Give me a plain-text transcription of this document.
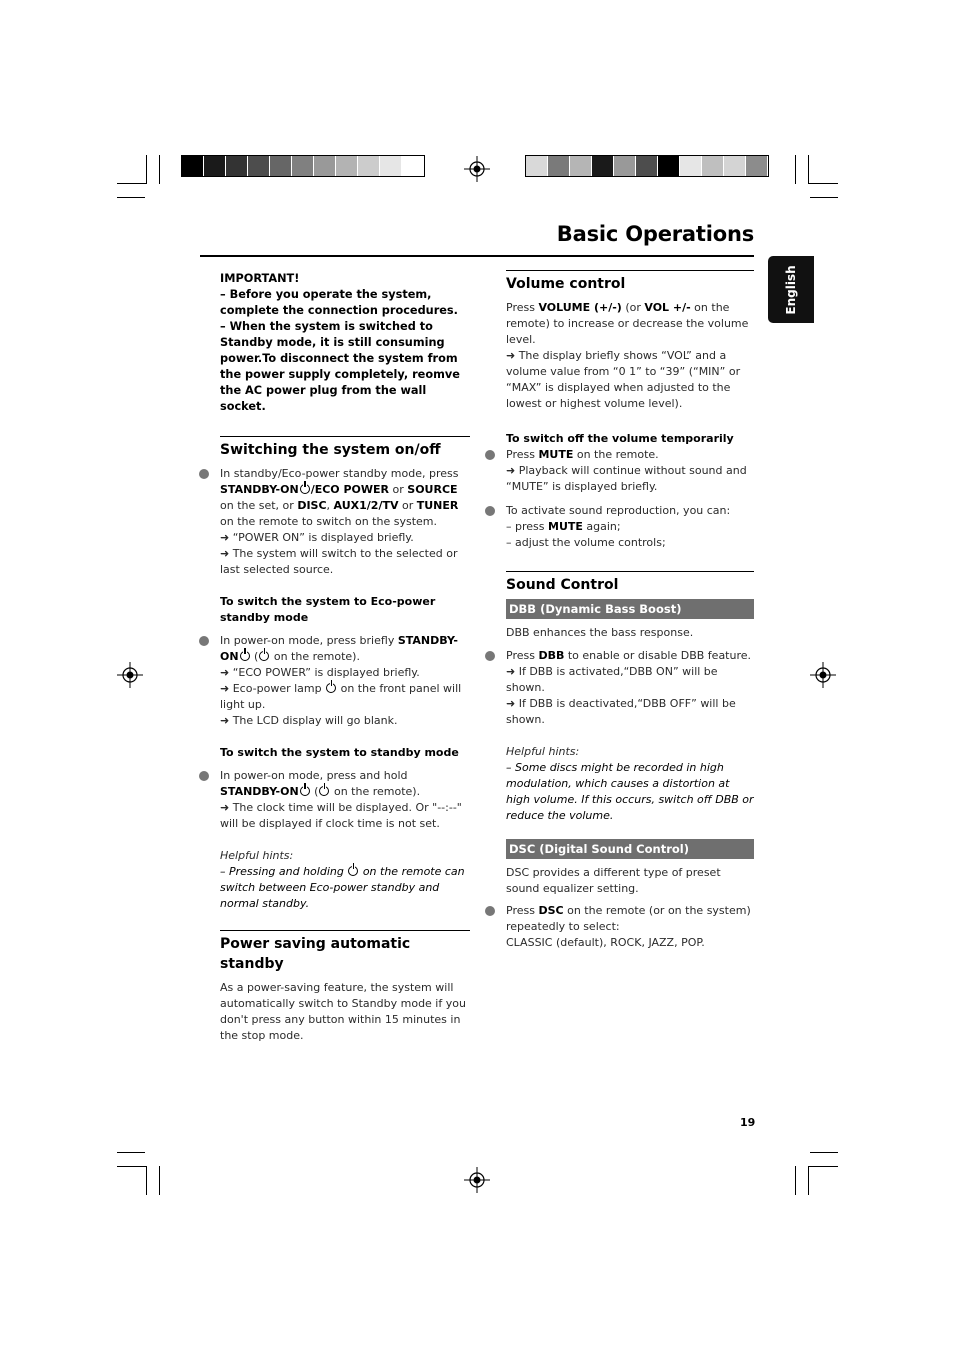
Basic Operations
English

IMPORTANT!

– Before you operate the system, complete the connection procedures.

– When the system is switched to Standby mode, it is still consuming power.To disconnect the system from the power supply completely, reomve the AC power plug from the wall socket.

Switching the system on/off

In standby/Eco-power standby mode, press STANDBY-ON /ECO POWER or SOURCE on the set, or DISC, AUX1/2/TV or TUNER on the remote to switch on the system.

➜ “POWER ON” is displayed briefly.

➜ The system will switch to the selected or last selected source.

To switch the system to Eco-power standby mode

In power-on mode, press briefly STANDBY-ON ( on the remote).

➜ “ECO POWER” is displayed briefly.

➜ Eco-power lamp  on the front panel will light up.

➜ The LCD display will go blank.

To switch the system to standby mode

In power-on mode, press and hold STANDBY-ON ( on the remote).

➜ The clock time will be displayed. Or "--:--" will be displayed if clock time is not set.

Helpful hints:

– Pressing and holding  on the remote can switch between Eco-power standby and normal standby.

Power saving automatic standby

As a power-saving feature, the system will automatically switch to Standby mode if you don't press any button within 15 minutes in the stop mode.

Volume control

Press VOLUME (+/-) (or VOL +/- on the remote) to increase or decrease the volume level.

➜ The display briefly shows “VOL” and a volume value from “0 1” to “39” (“MIN” or “MAX” is displayed when adjusted to the lowest or highest volume level).

To switch off the volume temporarily

Press MUTE on the remote.

➜ Playback will continue without sound and “MUTE” is displayed briefly.

To activate sound reproduction, you can:

– press MUTE again;

– adjust the volume controls;

Sound Control
DBB (Dynamic Bass Boost)

DBB enhances the bass response.

Press DBB to enable or disable DBB feature.

➜ If DBB is activated,“DBB ON” will be shown.

➜ If DBB is deactivated,“DBB OFF” will be shown.

Helpful hints:

– Some discs might be recorded in high modulation, which causes a distortion at high volume. If this occurs, switch off DBB or reduce the volume.

DSC (Digital Sound Control)

DSC provides a different type of preset sound equalizer setting.

Press DSC on the remote (or on the system) repeatedly to select:

CLASSIC (default), ROCK, JAZZ, POP.

19
